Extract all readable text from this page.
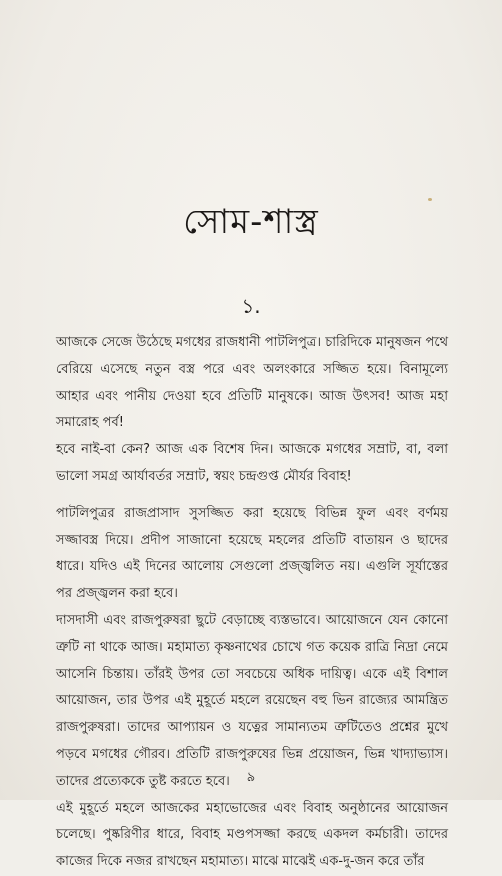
সোম-শাস্ত্র
১.

আজকে সেজে উঠেছে মগধের রাজধানী পাটলিপুত্র। চারিদিকে মানুষজন পথে বেরিয়ে এসেছে নতুন বস্ত্র পরে এবং অলংকারে সজ্জিত হয়ে। বিনামূল্যে আহার এবং পানীয় দেওয়া হবে প্রতিটি মানুষকে। আজ উৎসব! আজ মহা সমারোহ পর্ব!

হবে নাই-বা কেন? আজ এক বিশেষ দিন। আজকে মগধের সম্রাট, বা, বলা ভালো সমগ্র আর্যাবর্তর সম্রাট, স্বয়ং চন্দ্রগুপ্ত মৌর্যর বিবাহ!

পাটলিপুত্রর রাজপ্রাসাদ সুসজ্জিত করা হয়েছে বিভিন্ন ফুল এবং বর্ণময় সজ্জাবস্ত্র দিয়ে। প্রদীপ সাজানো হয়েছে মহলের প্রতিটি বাতায়ন ও ছাদের ধারে। যদিও এই দিনের আলোয় সেগুলো প্রজ্জ্বলিত নয়। এগুলি সূর্যাস্তের পর প্রজ্জ্বলন করা হবে।

দাসদাসী এবং রাজপুরুষরা ছুটে বেড়াচ্ছে ব্যস্তভাবে। আয়োজনে যেন কোনো ত্রুটি না থাকে আজ। মহামাত্য কৃষ্ণনাথের চোখে গত কয়েক রাত্রি নিদ্রা নেমে আসেনি চিন্তায়। তাঁরই উপর তো সবচেয়ে অধিক দায়িত্ব। একে এই বিশাল আয়োজন, তার উপর এই মুহূর্তে মহলে রয়েছেন বহু ভিন রাজ্যের আমন্ত্রিত রাজপুরুষরা। তাদের আপ্যায়ন ও যত্নের সামান্যতম ত্রুটিতেও প্রশ্নের মুখে পড়বে মগধের গৌরব। প্রতিটি রাজপুরুষের ভিন্ন প্রয়োজন, ভিন্ন খাদ্যাভ্যাস। তাদের প্রত্যেককে তুষ্ট করতে হবে।

এই মুহূর্তে মহলে আজকের মহাভোজের এবং বিবাহ অনুষ্ঠানের আয়োজন চলেছে। পুষ্করিণীর ধারে, বিবাহ মণ্ডপসজ্জা করছে একদল কর্মচারী। তাদের কাজের দিকে নজর রাখছেন মহামাত্য। মাঝে মাঝেই এক-দু-জন করে তাঁর

৯
